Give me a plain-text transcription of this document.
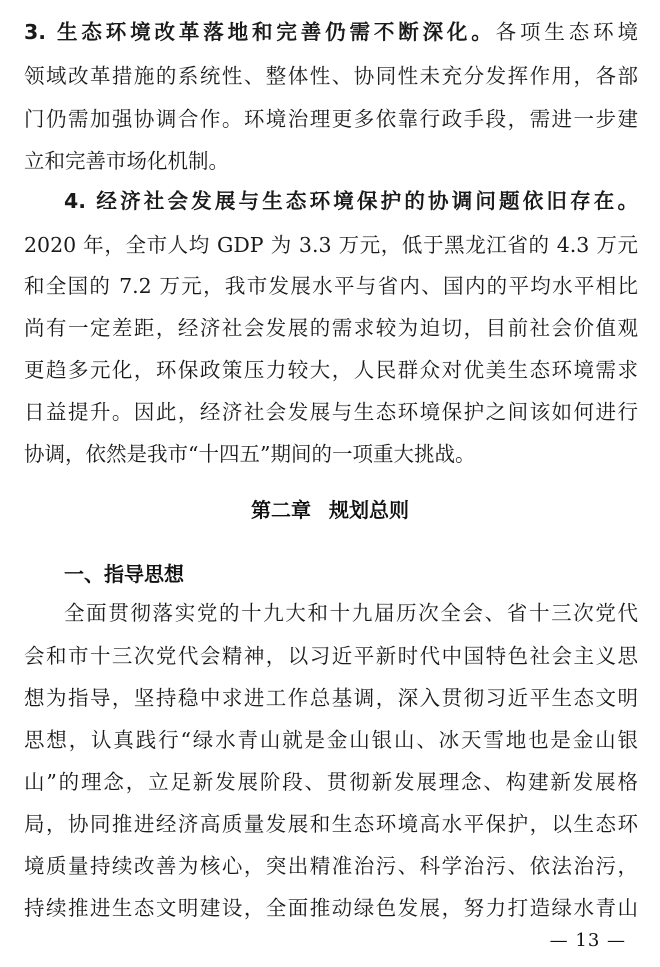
3. 生态环境改革落地和完善仍需不断深化。各项生态环境
领域改革措施的系统性、整体性、协同性未充分发挥作用，各部
门仍需加强协调合作。环境治理更多依靠行政手段，需进一步建
立和完善市场化机制。
4. 经济社会发展与生态环境保护的协调问题依旧存在。
2020 年，全市人均 GDP 为 3.3 万元，低于黑龙江省的 4.3 万元
和全国的 7.2 万元，我市发展水平与省内、国内的平均水平相比
尚有一定差距，经济社会发展的需求较为迫切，目前社会价值观
更趋多元化，环保政策压力较大，人民群众对优美生态环境需求
日益提升。因此，经济社会发展与生态环境保护之间该如何进行
协调，依然是我市“十四五”期间的一项重大挑战。
第二章 规划总则
一、指导思想
全面贯彻落实党的十九大和十九届历次全会、省十三次党代
会和市十三次党代会精神，以习近平新时代中国特色社会主义思
想为指导，坚持稳中求进工作总基调，深入贯彻习近平生态文明
思想，认真践行“绿水青山就是金山银山、冰天雪地也是金山银
山”的理念，立足新发展阶段、贯彻新发展理念、构建新发展格
局，协同推进经济高质量发展和生态环境高水平保护，以生态环
境质量持续改善为核心，突出精准治污、科学治污、依法治污，
持续推进生态文明建设，全面推动绿色发展，努力打造绿水青山
— 13 —
